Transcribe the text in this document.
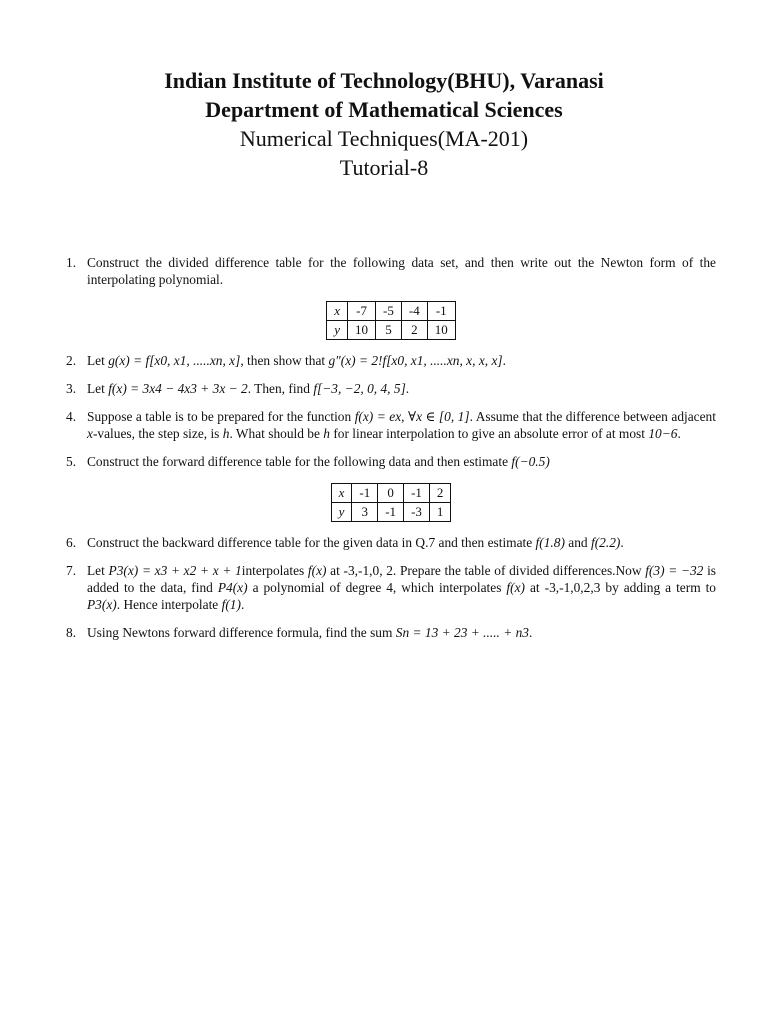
Indian Institute of Technology(BHU), Varanasi
Department of Mathematical Sciences
Numerical Techniques(MA-201)
Tutorial-8
1. Construct the divided difference table for the following data set, and then write out the Newton form of the interpolating polynomial.
x	-7	-5	-4	-1
y	10	5	2	10
2. Let g(x) = f[x0, x1, .....xn, x], then show that g″(x) = 2!f[x0, x1, .....xn, x, x, x].
3. Let f(x) = 3x4 − 4x3 + 3x − 2. Then, find f[−3, −2, 0, 4, 5].
4. Suppose a table is to be prepared for the function f(x) = ex, ∀x ∈ [0, 1]. Assume that the difference between adjacent x-values, the step size, is h. What should be h for linear interpolation to give an absolute error of at most 10−6.
5. Construct the forward difference table for the following data and then estimate f(−0.5)
x	-1	0	-1	2
y	3	-1	-3	1
6. Construct the backward difference table for the given data in Q.7 and then estimate f(1.8) and f(2.2).
7. Let P3(x) = x3 + x2 + x + 1interpolates f(x) at -3,-1,0, 2. Prepare the table of divided differences.Now f(3) = −32 is added to the data, find P4(x) a polynomial of degree 4, which interpolates f(x) at -3,-1,0,2,3 by adding a term to P3(x). Hence interpolate f(1).
8. Using Newtons forward difference formula, find the sum Sn = 13 + 23 + ..... + n3.
